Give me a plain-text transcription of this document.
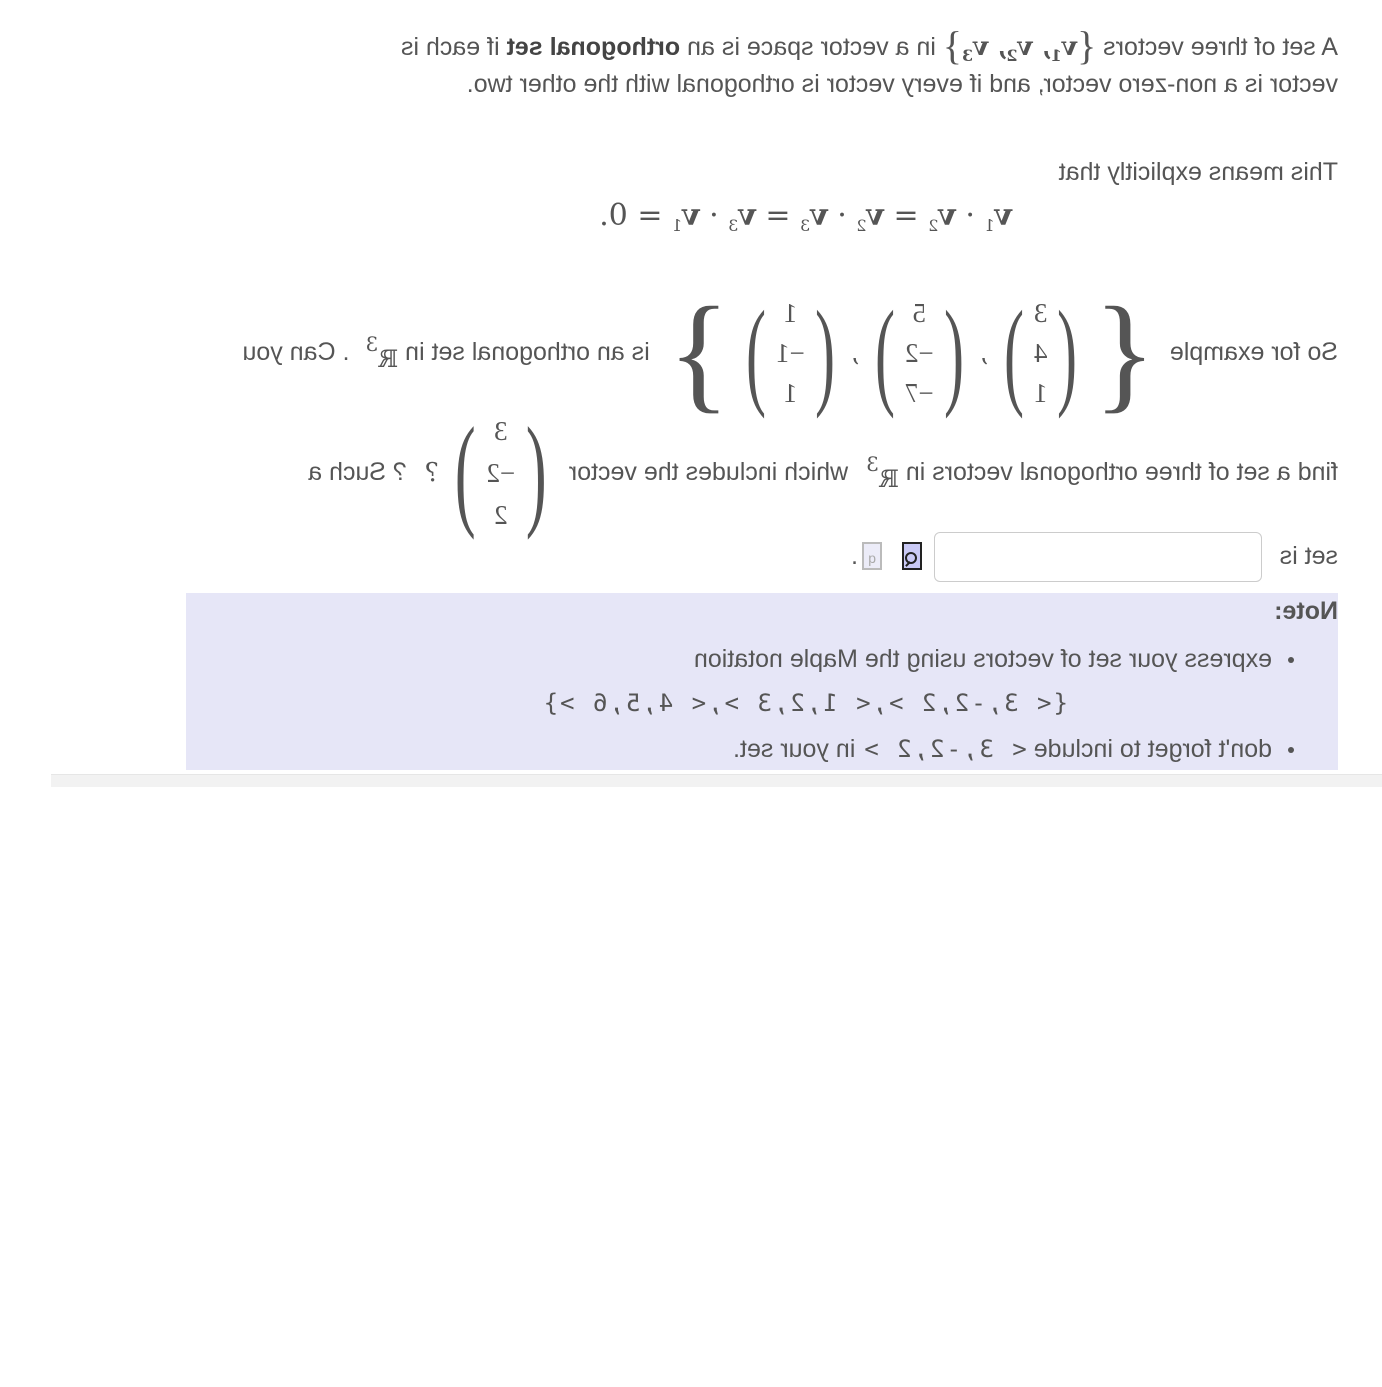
A set of three vectors {$v_1$, $v_2$, $v_3$} in a vector space is an orthogonal set if each is
vector is a non-zero vector, and if every vector is orthogonal with the other two.
This means explicitly that
$v_1 \cdot v_2 = v_2 \cdot v_3 = v_3 \cdot v_1 = 0$.
So for example
{
(
3
4
1
)
,
(
5
−2
−7
)
,
(
1
−1
1
)
}
is an orthogonal set in

ℝ$^3$
. Can you
find a set of three orthogonal vectors in

ℝ$^3$
which includes the vector
(
3
−2
2
)
?
? Such a
set is
q
.
Note:
express your set of vectors using the Maple notation
{< 3,-2,2 >,< 1,2,3 >,< 4,5,6 >}
don't forget to include < 3,-2,2 > in your set.
